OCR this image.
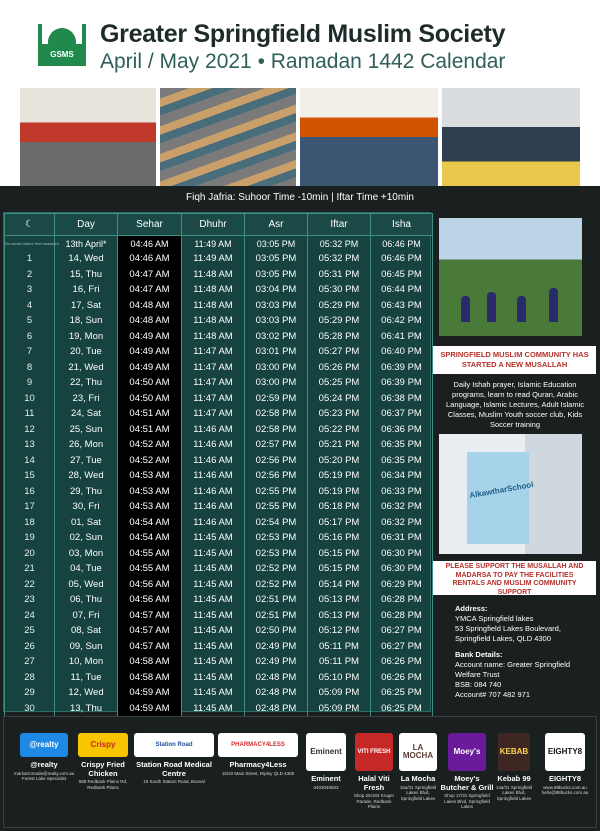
GSMS
Greater Springfield Muslim Society
April / May 2021 • Ramadan 1442 Calendar
Fiqh Jafria: Suhoor Time -10min | Iftar Time +10min
☾	Day	Sehar	Dhuhr	Asr	Iftar	Isha
No sehar before first taraweeh	13th April*	04:46 AM	11:49 AM	03:05 PM	05:32 PM	06:46 PM
1	14, Wed	04:46 AM	11:49 AM	03:05 PM	05:32 PM	06:46 PM
2	15, Thu	04:47 AM	11:48 AM	03:05 PM	05:31 PM	06:45 PM
3	16, Fri	04:47 AM	11:48 AM	03:04 PM	05:30 PM	06:44 PM
4	17, Sat	04:48 AM	11:48 AM	03:03 PM	05:29 PM	06:43 PM
5	18, Sun	04:48 AM	11:48 AM	03:03 PM	05:29 PM	06:42 PM
6	19, Mon	04:49 AM	11:48 AM	03:02 PM	05:28 PM	06:41 PM
7	20, Tue	04:49 AM	11:47 AM	03:01 PM	05:27 PM	06:40 PM
8	21, Wed	04:49 AM	11:47 AM	03:00 PM	05:26 PM	06:39 PM
9	22, Thu	04:50 AM	11:47 AM	03:00 PM	05:25 PM	06:39 PM
10	23, Fri	04:50 AM	11:47 AM	02:59 PM	05:24 PM	06:38 PM
11	24, Sat	04:51 AM	11:47 AM	02:58 PM	05:23 PM	06:37 PM
12	25, Sun	04:51 AM	11:46 AM	02:58 PM	05:22 PM	06:36 PM
13	26, Mon	04:52 AM	11:46 AM	02:57 PM	05:21 PM	06:35 PM
14	27, Tue	04:52 AM	11:46 AM	02:56 PM	05:20 PM	06:35 PM
15	28, Wed	04:53 AM	11:46 AM	02:56 PM	05:19 PM	06:34 PM
16	29, Thu	04:53 AM	11:46 AM	02:55 PM	05:19 PM	06:33 PM
17	30, Fri	04:53 AM	11:46 AM	02:55 PM	05:18 PM	06:32 PM
18	01, Sat	04:54 AM	11:46 AM	02:54 PM	05:17 PM	06:32 PM
19	02, Sun	04:54 AM	11:45 AM	02:53 PM	05:16 PM	06:31 PM
20	03, Mon	04:55 AM	11:45 AM	02:53 PM	05:15 PM	06:30 PM
21	04, Tue	04:55 AM	11:45 AM	02:52 PM	05:15 PM	06:30 PM
22	05, Wed	04:56 AM	11:45 AM	02:52 PM	05:14 PM	06:29 PM
23	06, Thu	04:56 AM	11:45 AM	02:51 PM	05:13 PM	06:28 PM
24	07, Fri	04:57 AM	11:45 AM	02:51 PM	05:13 PM	06:28 PM
25	08, Sat	04:57 AM	11:45 AM	02:50 PM	05:12 PM	06:27 PM
26	09, Sun	04:57 AM	11:45 AM	02:49 PM	05:11 PM	06:27 PM
27	10, Mon	04:58 AM	11:45 AM	02:49 PM	05:11 PM	06:26 PM
28	11, Tue	04:58 AM	11:45 AM	02:48 PM	05:10 PM	06:26 PM
29	12, Wed	04:59 AM	11:45 AM	02:48 PM	05:09 PM	06:25 PM
30	13, Thu	04:59 AM	11:45 AM	02:48 PM	05:09 PM	06:25 PM
SPRINGFIELD MUSLIM COMMUNITY HAS STARTED A NEW MUSALLAH
Daily Ishah prayer, Islamic Education programs, learn to read Quran, Arabic Language, Islamic Lectures, Adult Islamic Classes, Muslim Youth soccer club, Kids Soccer training
AlkawtharSchool
PLEASE SUPPORT THE MUSALLAH AND MADARSA TO PAY THE FACILITIES RENTALS AND MUSLIM COMMUNITY SUPPORT

Address:

YMCA Springfield lakes

53 Springfield Lakes Boulevard,

Springfield Lakes, QLD 4300

Bank Details:

Account name: Greater Springfield Welfare Trust

BSB: 084 740

Account# 707 482 971

@realty
@realty
markarmmade@realty.com.au Forest Lake Specialist
Crispy
Crispy Fried Chicken
588 Redbank Plains Rd, Redbank Plains
Station Road
Station Road Medical Centre
18 South Station Road, Booval
PHARMACY4LESS
Pharmacy4Less
15/20 Main Street, Ripley QLD 4306
Eminent
Eminent
0403046503
VITI FRESH
Halal Viti Fresh
Shop 25/183 Kruger Parade, Redbank Plains
LA MOCHA
La Mocha
15a/31 Springfield Lakes Blvd, Springfield Lakes
Moey's
Moey's Butcher & Grill
Shop 17/31 Springfield Lakes Blvd, Springfield Lakes
KEBAB
Kebab 99
14a/31 Springfield Lakes Blvd, Springfield Lakes
EIGHTY8
EIGHTY8
www.88bucks.com.au hello@88bucks.com.au
